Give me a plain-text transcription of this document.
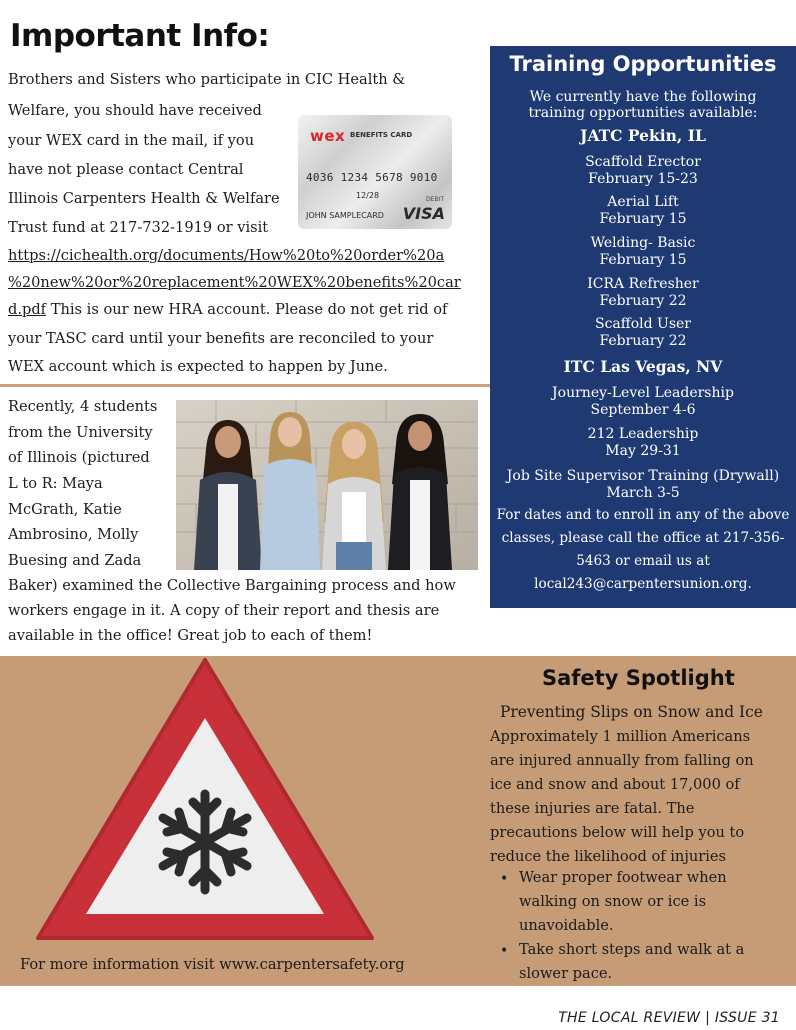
Important Info:
Brothers and Sisters who participate in CIC Health &
Welfare, you should have received
your WEX card in the mail, if you
have not please contact Central
Illinois Carpenters Health & Welfare
Trust fund at 217-732-1919 or visit
https://cichealth.org/documents/How%20to%20order%20a
%20new%20or%20replacement%20WEX%20benefits%20car
d.pdf This is our new HRA account. Please do not get rid of
your TASC card until your benefits are reconciled to your
WEX account which is expected to happen by June.
wex BENEFITS CARD
4036 1234 5678 9010
12/28	DEBIT
JOHN SAMPLECARD VISA
Recently, 4 students
from the University
of Illinois (pictured
L to R: Maya
McGrath, Katie
Ambrosino, Molly
Buesing and Zada
Baker) examined the Collective Bargaining process and how
workers engage in it. A copy of their report and thesis are
available in the office! Great job to each of them!
Training Opportunities
We currently have the following
training opportunities available:
JATC Pekin, IL
Scaffold Erector
February 15-23
Aerial Lift
February 15
Welding- Basic
February 15
ICRA Refresher
February 22
Scaffold User
February 22
ITC Las Vegas, NV
Journey-Level Leadership
September 4-6
212 Leadership
May 29-31
Job Site Supervisor Training (Drywall)
March 3-5
For dates and to enroll in any of the above
classes, please call the office at 217-356-
5463 or email us at
local243@carpentersunion.org.
Safety Spotlight
Preventing Slips on Snow and Ice
Approximately 1 million Americans
are injured annually from falling on
ice and snow and about 17,000 of
these injuries are fatal. The
precautions below will help you to
reduce the likelihood of injuries
• Wear proper footwear when
walking on snow or ice is
unavoidable.
• Take short steps and walk at a
slower pace.
For more information visit www.carpentersafety.org
THE LOCAL REVIEW | ISSUE 31
